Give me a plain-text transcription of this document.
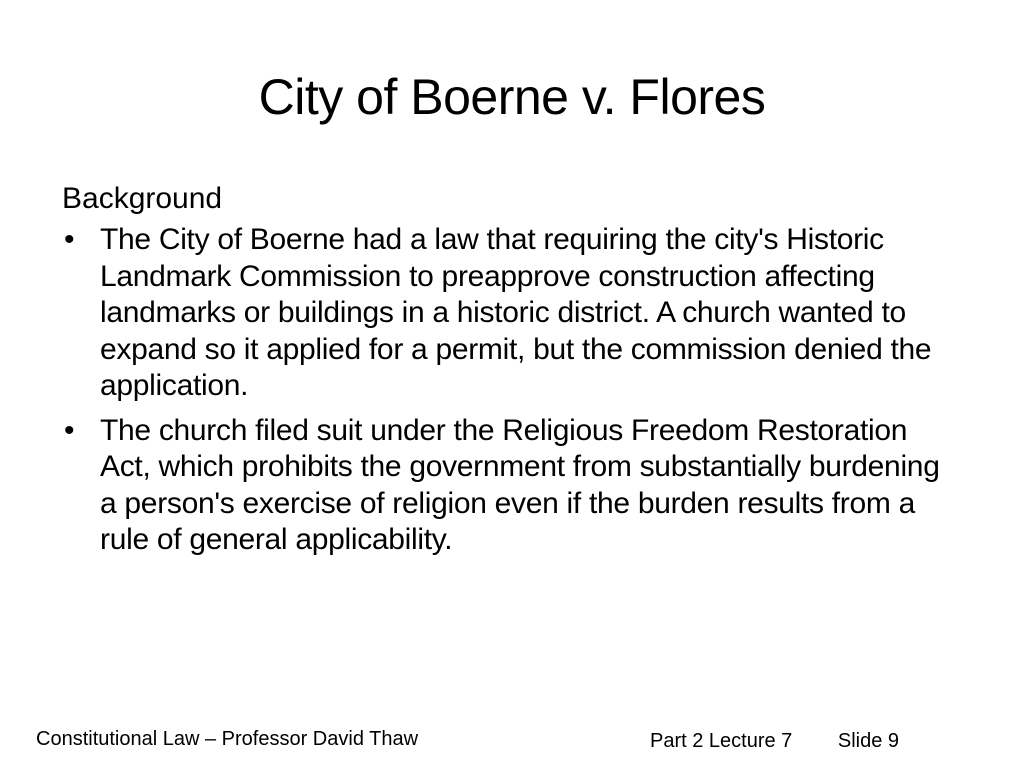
City of Boerne v. Flores
Background
• The City of Boerne had a law that requiring the city's Historic Landmark Commission to preapprove construction affecting landmarks or buildings in a historic district. A church wanted to expand so it applied for a permit, but the commission denied the application.
• The church filed suit under the Religious Freedom Restoration Act, which prohibits the government from substantially burdening a person's exercise of religion even if the burden results from a rule of general applicability.
Constitutional Law – Professor David Thaw	Part 2 Lecture 7 Slide 9
